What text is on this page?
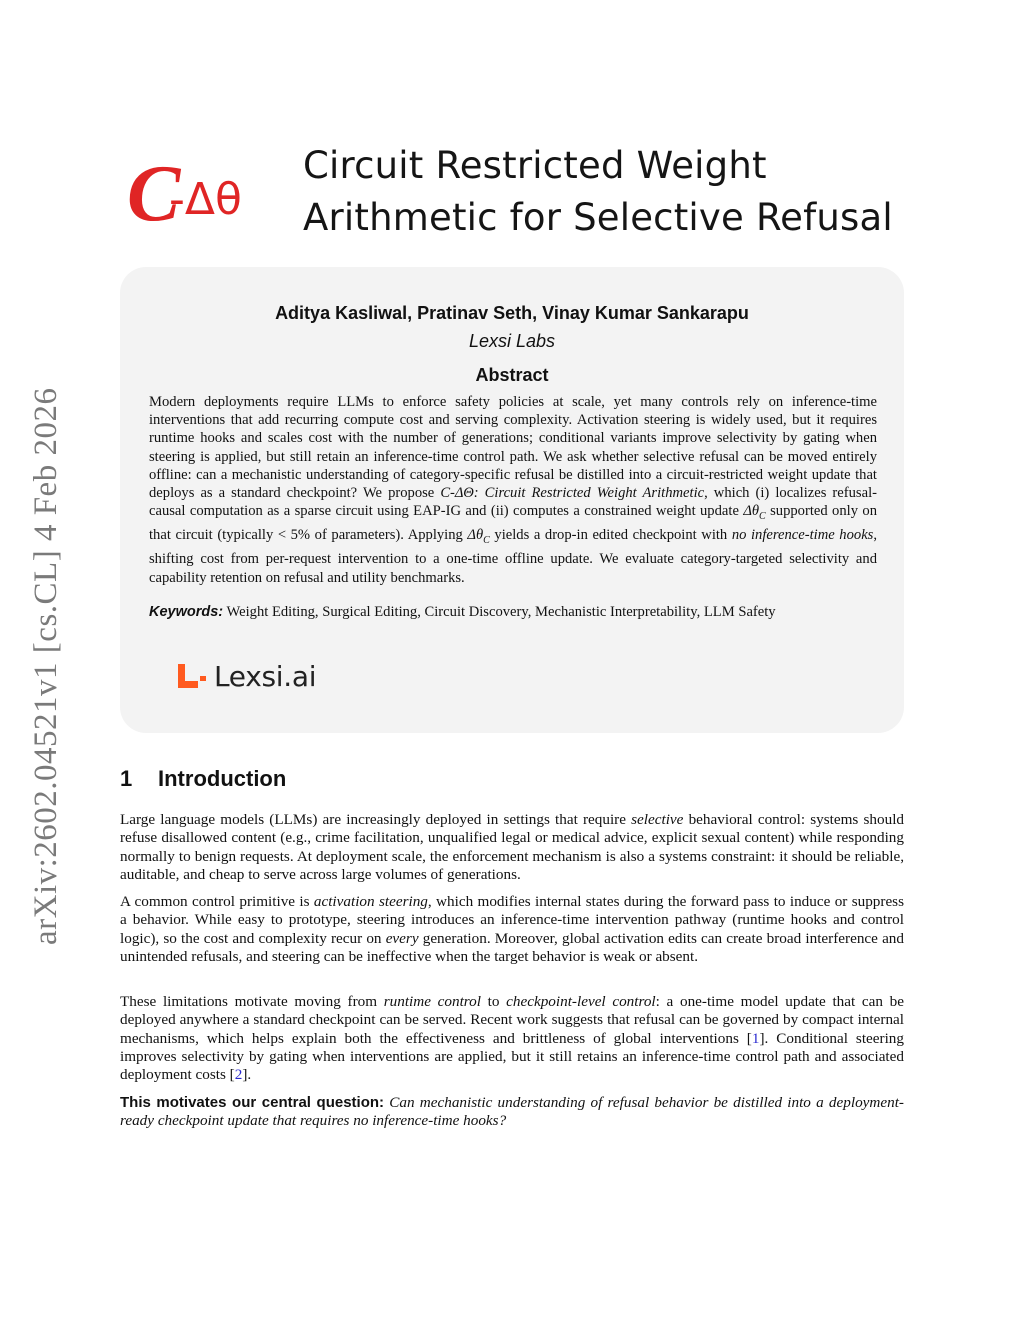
arXiv:2602.04521v1 [cs.CL] 4 Feb 2026
C
-Δθ
Circuit Restricted Weight
Arithmetic for Selective Refusal
Aditya Kasliwal, Pratinav Seth, Vinay Kumar Sankarapu
Lexsi Labs
Abstract
Modern deployments require LLMs to enforce safety policies at scale, yet many controls rely on inference-time interventions that add recurring compute cost and serving complexity. Activation steering is widely used, but it requires runtime hooks and scales cost with the number of generations; conditional variants improve selectivity by gating when steering is applied, but still retain an inference-time control path. We ask whether selective refusal can be moved entirely offline: can a mechanistic understanding of category-specific refusal be distilled into a circuit-restricted weight update that deploys as a standard checkpoint? We propose C-ΔΘ: Circuit Restricted Weight Arithmetic, which (i) localizes refusal-causal computation as a sparse circuit using EAP-IG and (ii) computes a constrained weight update $\Delta\theta_C$ supported only on that circuit (typically < 5% of parameters). Applying $\Delta\theta_C$ yields a drop-in edited checkpoint with no inference-time hooks, shifting cost from per-request intervention to a one-time offline update. We evaluate category-targeted selectivity and capability retention on refusal and utility benchmarks.
Keywords: Weight Editing, Surgical Editing, Circuit Discovery, Mechanistic Interpretability, LLM Safety
Lexsi.ai
1 Introduction
Large language models (LLMs) are increasingly deployed in settings that require selective behavioral control: systems should refuse disallowed content (e.g., crime facilitation, unqualified legal or medical advice, explicit sexual content) while responding normally to benign requests. At deployment scale, the enforcement mechanism is also a systems constraint: it should be reliable, auditable, and cheap to serve across large volumes of generations.
A common control primitive is activation steering, which modifies internal states during the forward pass to induce or suppress a behavior. While easy to prototype, steering introduces an inference-time intervention pathway (runtime hooks and control logic), so the cost and complexity recur on every generation. Moreover, global activation edits can create broad interference and unintended refusals, and steering can be ineffective when the target behavior is weak or absent.
These limitations motivate moving from runtime control to checkpoint-level control: a one-time model update that can be deployed anywhere a standard checkpoint can be served. Recent work suggests that refusal can be governed by compact internal mechanisms, which helps explain both the effectiveness and brittleness of global interventions [1]. Conditional steering improves selectivity by gating when interventions are applied, but it still retains an inference-time control path and associated deployment costs [2].
This motivates our central question: Can mechanistic understanding of refusal behavior be distilled into a deployment-ready checkpoint update that requires no inference-time hooks?
